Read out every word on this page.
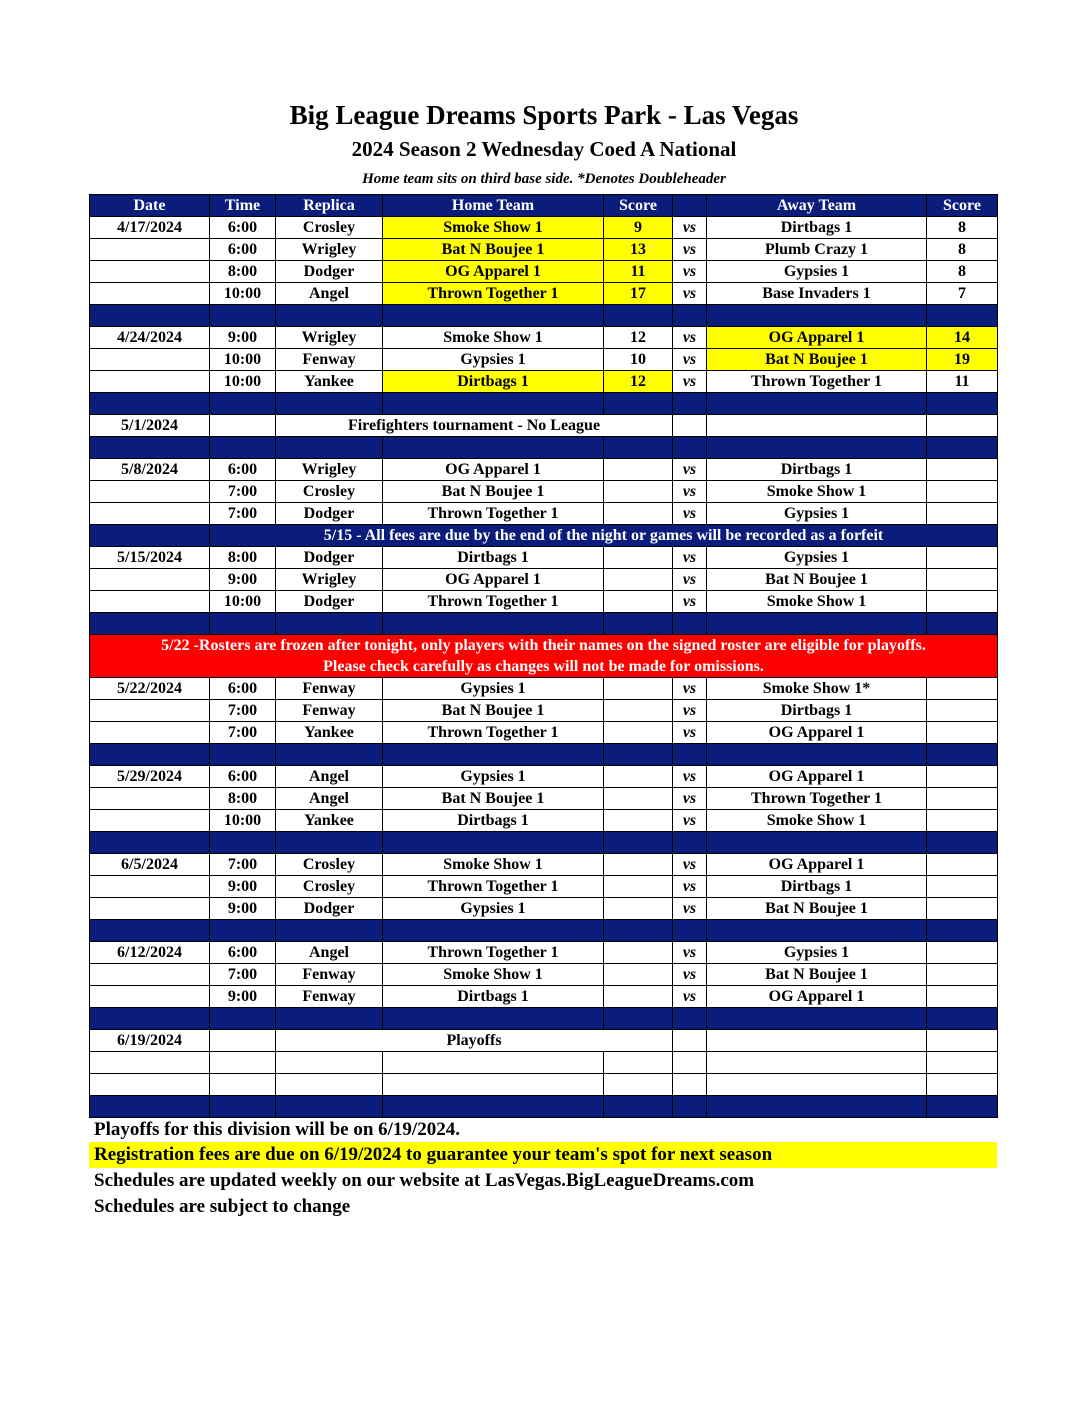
Big League Dreams Sports Park - Las Vegas
2024 Season 2 Wednesday Coed A National
Home team sits on third base side. *Denotes Doubleheader
Date	Time	Replica	Home Team	Score		Away Team	Score
4/17/2024	6:00	Crosley	Smoke Show 1	9	vs	Dirtbags 1	8
	6:00	Wrigley	Bat N Boujee 1	13	vs	Plumb Crazy 1	8
	8:00	Dodger	OG Apparel 1	11	vs	Gypsies 1	8
	10:00	Angel	Thrown Together 1	17	vs	Base Invaders 1	7

4/24/2024	9:00	Wrigley	Smoke Show 1	12	vs	OG Apparel 1	14
	10:00	Fenway	Gypsies 1	10	vs	Bat N Boujee 1	19
	10:00	Yankee	Dirtbags 1	12	vs	Thrown Together 1	11

5/1/2024		Firefighters tournament - No League					

5/8/2024	6:00	Wrigley	OG Apparel 1		vs	Dirtbags 1	
	7:00	Crosley	Bat N Boujee 1		vs	Smoke Show 1	
	7:00	Dodger	Thrown Together 1		vs	Gypsies 1	
	5/15 - All fees are due by the end of the night or games will be recorded as a forfeit						
5/15/2024	8:00	Dodger	Dirtbags 1		vs	Gypsies 1	
	9:00	Wrigley	OG Apparel 1		vs	Bat N Boujee 1	
	10:00	Dodger	Thrown Together 1		vs	Smoke Show 1	

5/22 -Rosters are frozen after tonight, only players with their names on the signed roster are eligible for playoffs.
Please check carefully as changes will not be made for omissions.							

5/22/2024	6:00	Fenway	Gypsies 1		vs	Smoke Show 1*	
	7:00	Fenway	Bat N Boujee 1		vs	Dirtbags 1	
	7:00	Yankee	Thrown Together 1		vs	OG Apparel 1	

5/29/2024	6:00	Angel	Gypsies 1		vs	OG Apparel 1	
	8:00	Angel	Bat N Boujee 1		vs	Thrown Together 1	
	10:00	Yankee	Dirtbags 1		vs	Smoke Show 1	

6/5/2024	7:00	Crosley	Smoke Show 1		vs	OG Apparel 1	
	9:00	Crosley	Thrown Together 1		vs	Dirtbags 1	
	9:00	Dodger	Gypsies 1		vs	Bat N Boujee 1	

6/12/2024	6:00	Angel	Thrown Together 1		vs	Gypsies 1	
	7:00	Fenway	Smoke Show 1		vs	Bat N Boujee 1	
	9:00	Fenway	Dirtbags 1		vs	OG Apparel 1	

6/19/2024		Playoffs					

Playoffs for this division will be on 6/19/2024.
Registration fees are due on 6/19/2024 to guarantee your team's spot for next season
Schedules are updated weekly on our website at LasVegas.BigLeagueDreams.com
Schedules are subject to change
